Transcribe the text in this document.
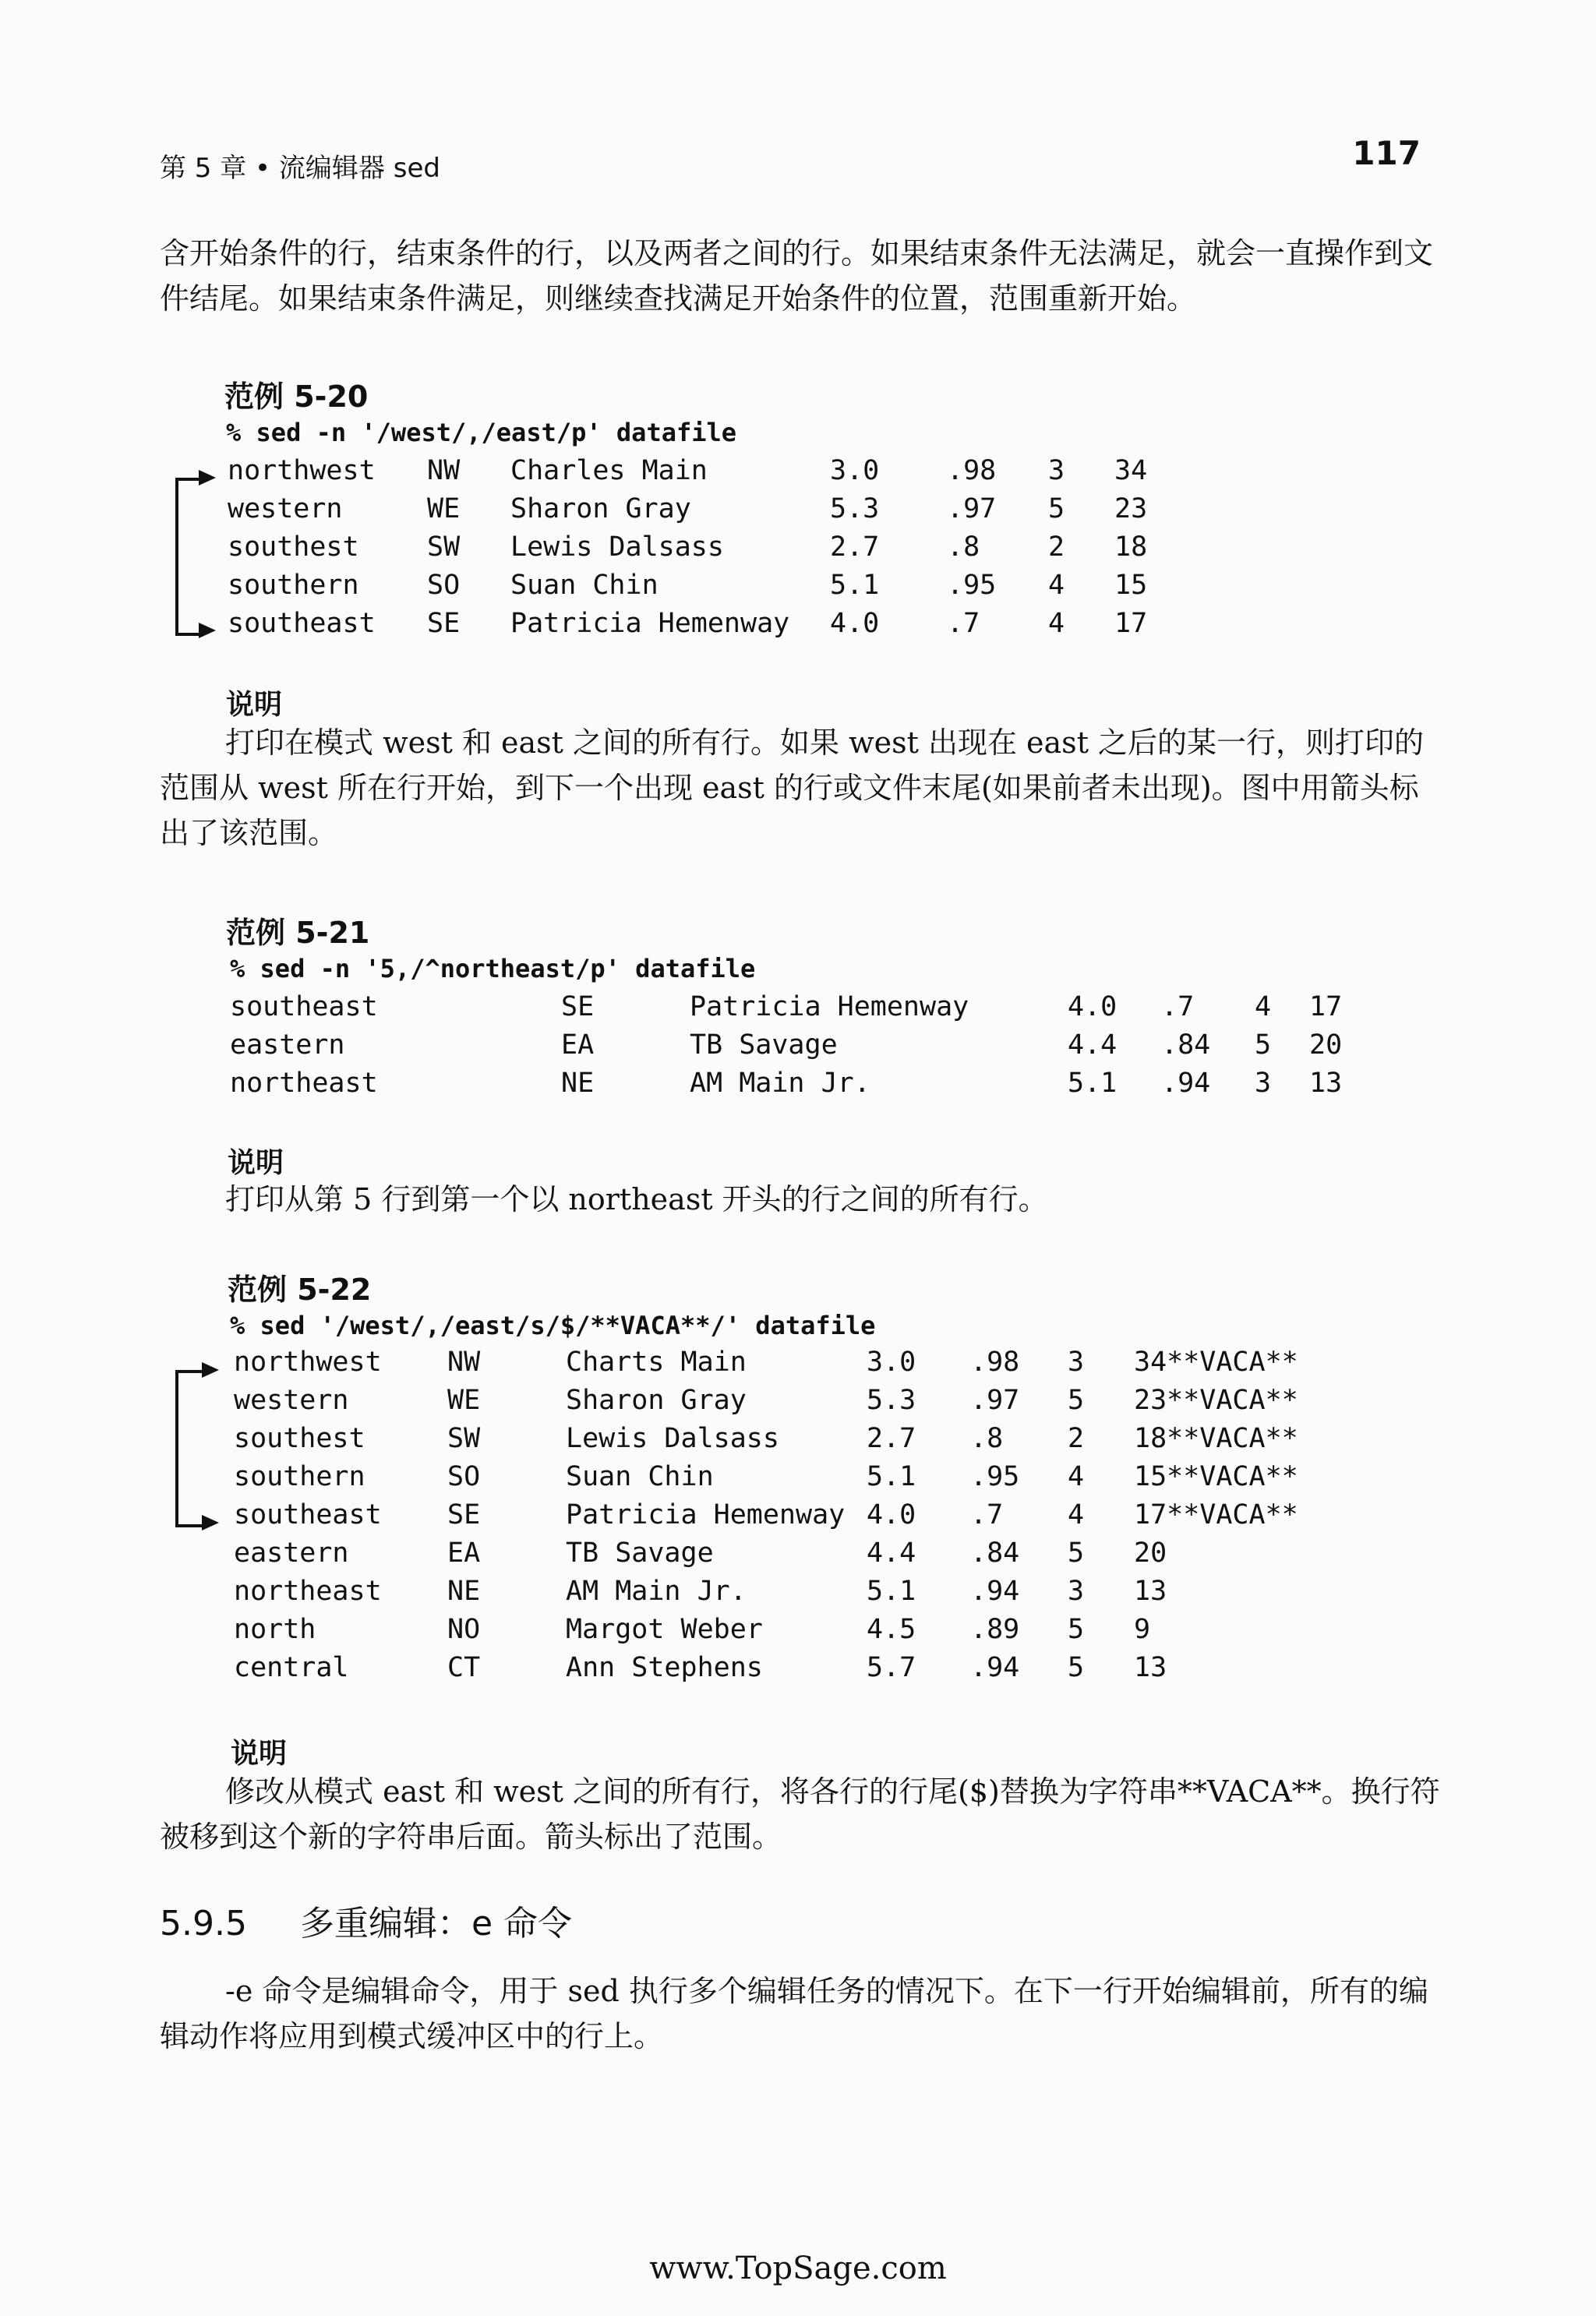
第 5 章 • 流编辑器 sed	117

含开始条件的行，结束条件的行，以及两者之间的行。如果结束条件无法满足，就会一直操作到文件结尾。如果结束条件满足，则继续查找满足开始条件的位置，范围重新开始。

范例 5-20
% sed -n '/west/,/east/p' datafile
northwest NW Charles Main	3.0 .98 3 34
western	WE Sharon Gray	5.3 .97 5 23
southest SW Lewis Dalsass	2.7 .8	2 18
southern SO Suan Chin	5.1 .95 4 15
southeast SE Patricia Hemenway 4.0 .7	4 17
说明

打印在模式 west 和 east 之间的所有行。如果 west 出现在 east 之后的某一行，则打印的范围从 west 所在行开始，到下一个出现 east 的行或文件末尾(如果前者未出现)。图中用箭头标出了该范围。

范例 5-21
% sed -n '5,/^northeast/p' datafile
southeast	SE	Patricia Hemenway	4.0 .7 4 17
eastern	EA	TB Savage	4.4 .84 5 20
northeast	NE	AM Main Jr.	5.1 .94 3 13
说明

打印从第 5 行到第一个以 northeast 开头的行之间的所有行。

范例 5-22
% sed '/west/,/east/s/$/**VACA**/' datafile
northwest NW	Charts Main	3.0 .98 3 34**VACA**
western	WE	Sharon Gray	5.3 .97 5 23**VACA**
southest	SW	Lewis Dalsass	2.7 .8 2 18**VACA**
southern	SO	Suan Chin	5.1 .95 4 15**VACA**
southeast SE	Patricia Hemenway 4.0 .7 4 17**VACA**
eastern	EA	TB Savage	4.4 .84 5 20
northeast NE	AM Main Jr.	5.1 .94 3 13
north	NO	Margot Weber	4.5 .89 5 9
central	CT	Ann Stephens	5.7 .94 5 13
说明

修改从模式 east 和 west 之间的所有行，将各行的行尾($)替换为字符串**VACA**。换行符被移到这个新的字符串后面。箭头标出了范围。

5.9.5 多重编辑：e 命令

-e 命令是编辑命令，用于 sed 执行多个编辑任务的情况下。在下一行开始编辑前，所有的编辑动作将应用到模式缓冲区中的行上。

www.TopSage.com
